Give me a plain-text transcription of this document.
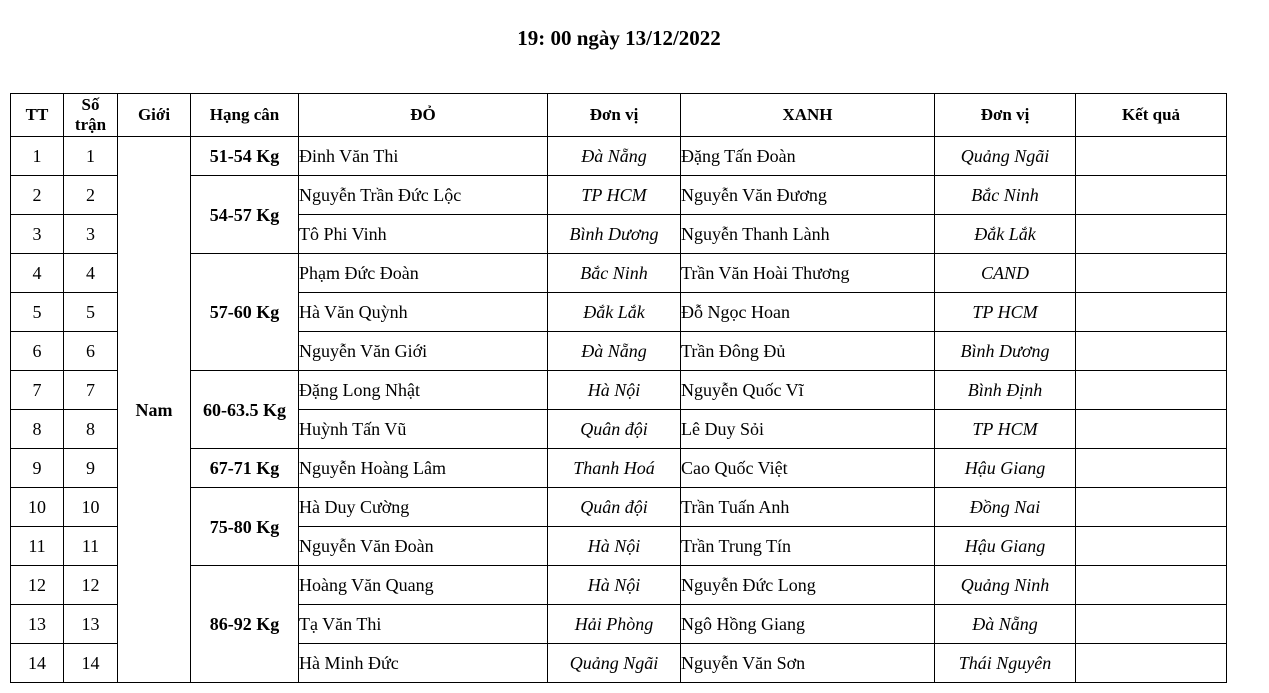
19: 00 ngày 13/12/2022
TT	Số trận	Giới	Hạng cân	ĐỎ	Đơn vị	XANH	Đơn vị	Kết quả
1	1	Nam	51-54 Kg	Đinh Văn Thi	Đà Nẵng	Đặng Tấn Đoàn	Quảng Ngãi	
2	2		54-57 Kg	Nguyễn Trần Đức Lộc	TP HCM	Nguyễn Văn Đương	Bắc Ninh	
3	3			Tô Phi Vinh	Bình Dương	Nguyễn Thanh Lành	Đắk Lắk	
4	4		57-60 Kg	Phạm Đức Đoàn	Bắc Ninh	Trần Văn Hoài Thương	CAND	
5	5			Hà Văn Quỳnh	Đắk Lắk	Đỗ Ngọc Hoan	TP HCM	
6	6			Nguyễn Văn Giới	Đà Nẵng	Trần Đông Đủ	Bình Dương	
7	7		60-63.5 Kg	Đặng Long Nhật	Hà Nội	Nguyễn Quốc Vĩ	Bình Định	
8	8			Huỳnh Tấn Vũ	Quân đội	Lê Duy Sỏi	TP HCM	
9	9		67-71 Kg	Nguyễn Hoàng Lâm	Thanh Hoá	Cao Quốc Việt	Hậu Giang	
10	10		75-80 Kg	Hà Duy Cường	Quân đội	Trần Tuấn Anh	Đồng Nai	
11	11			Nguyễn Văn Đoàn	Hà Nội	Trần Trung Tín	Hậu Giang	
12	12		86-92 Kg	Hoàng Văn Quang	Hà Nội	Nguyễn Đức Long	Quảng Ninh	
13	13			Tạ Văn Thi	Hải Phòng	Ngô Hồng Giang	Đà Nẵng	
14	14			Hà Minh Đức	Quảng Ngãi	Nguyễn Văn Sơn	Thái Nguyên	
